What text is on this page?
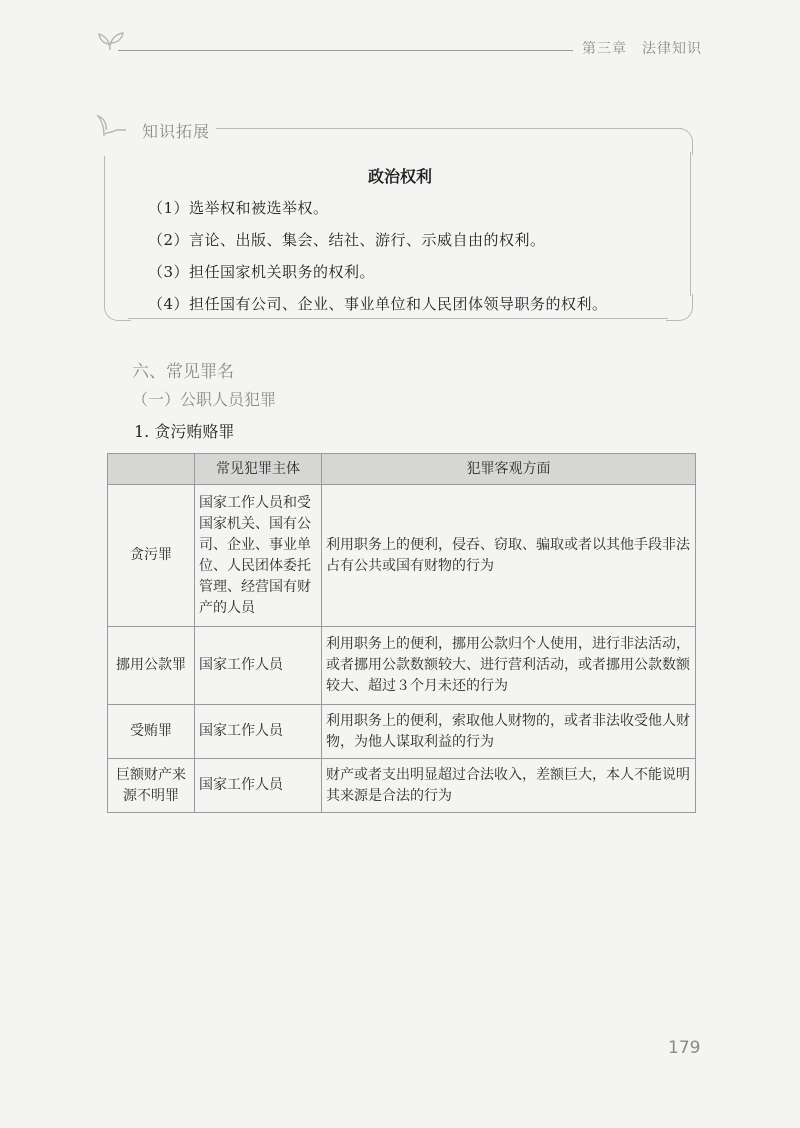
第三章　法律知识
知识拓展
政治权利
（1）选举权和被选举权。
（2）言论、出版、集会、结社、游行、示威自由的权利。
（3）担任国家机关职务的权利。
（4）担任国有公司、企业、事业单位和人民团体领导职务的权利。
六、常见罪名
（一）公职人员犯罪
1. 贪污贿赂罪
	常见犯罪主体	犯罪客观方面
贪污罪	国家工作人员和受国家机关、国有公司、企业、事业单位、人民团体委托管理、经营国有财产的人员	利用职务上的便利，侵吞、窃取、骗取或者以其他手段非法占有公共或国有财物的行为
挪用公款罪	国家工作人员	利用职务上的便利，挪用公款归个人使用，进行非法活动，或者挪用公款数额较大、进行营利活动，或者挪用公款数额较大、超过３个月未还的行为
受贿罪	国家工作人员	利用职务上的便利，索取他人财物的，或者非法收受他人财物，为他人谋取利益的行为
巨额财产来源不明罪	国家工作人员	财产或者支出明显超过合法收入，差额巨大，本人不能说明其来源是合法的行为
179
